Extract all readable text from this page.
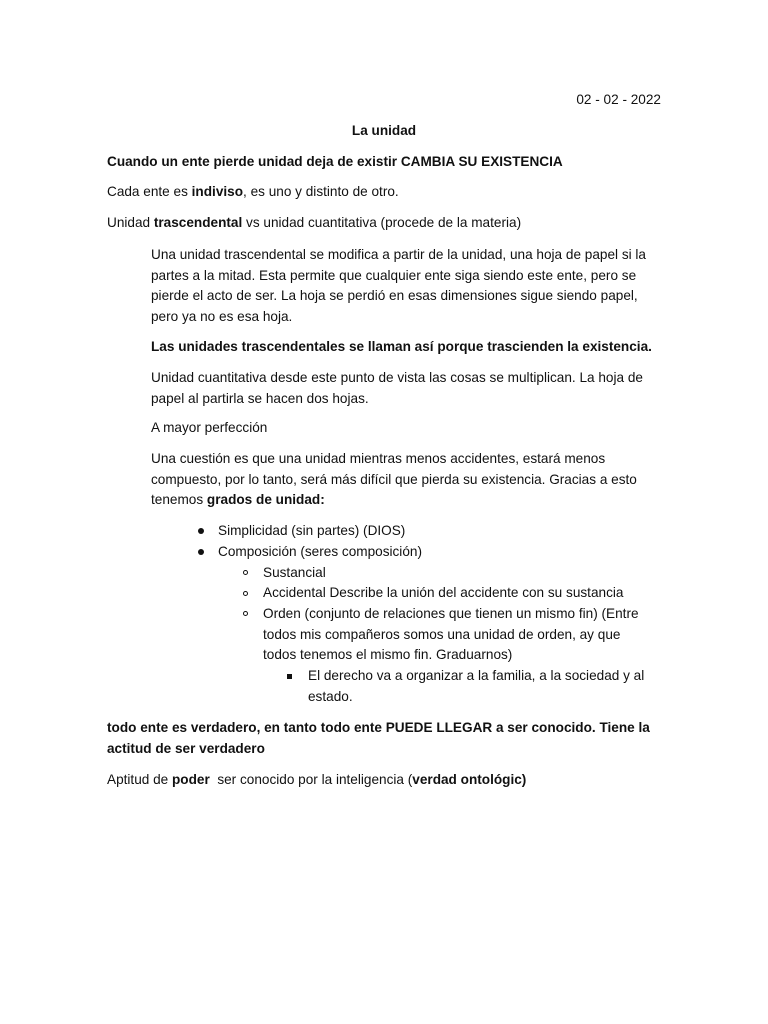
02 - 02 - 2022

La unidad

Cuando un ente pierde unidad deja de existir CAMBIA SU EXISTENCIA

Cada ente es indiviso, es uno y distinto de otro.

Unidad trascendental vs unidad cuantitativa (procede de la materia)

Una unidad trascendental se modifica a partir de la unidad, una hoja de papel si la
partes a la mitad. Esta permite que cualquier ente siga siendo este ente, pero se
pierde el acto de ser. La hoja se perdió en esas dimensiones sigue siendo papel,
pero ya no es esa hoja.

Las unidades trascendentales se llaman así porque trascienden la existencia.

Unidad cuantitativa desde este punto de vista las cosas se multiplican. La hoja de
papel al partirla se hacen dos hojas.

A mayor perfección

Una cuestión es que una unidad mientras menos accidentes, estará menos
compuesto, por lo tanto, será más difícil que pierda su existencia. Gracias a esto
tenemos grados de unidad:

Simplicidad (sin partes) (DIOS)

Composición (seres composición)

Sustancial

Accidental Describe la unión del accidente con su sustancia

Orden (conjunto de relaciones que tienen un mismo fin) (Entre
todos mis compañeros somos una unidad de orden, ay que
todos tenemos el mismo fin. Graduarnos)
El derecho va a organizar a la familia, a la sociedad y al
estado.
todo ente es verdadero, en tanto todo ente PUEDE LLEGAR a ser conocido. Tiene la
actitud de ser verdadero

Aptitud de poder  ser conocido por la inteligencia (verdad ontológic)
